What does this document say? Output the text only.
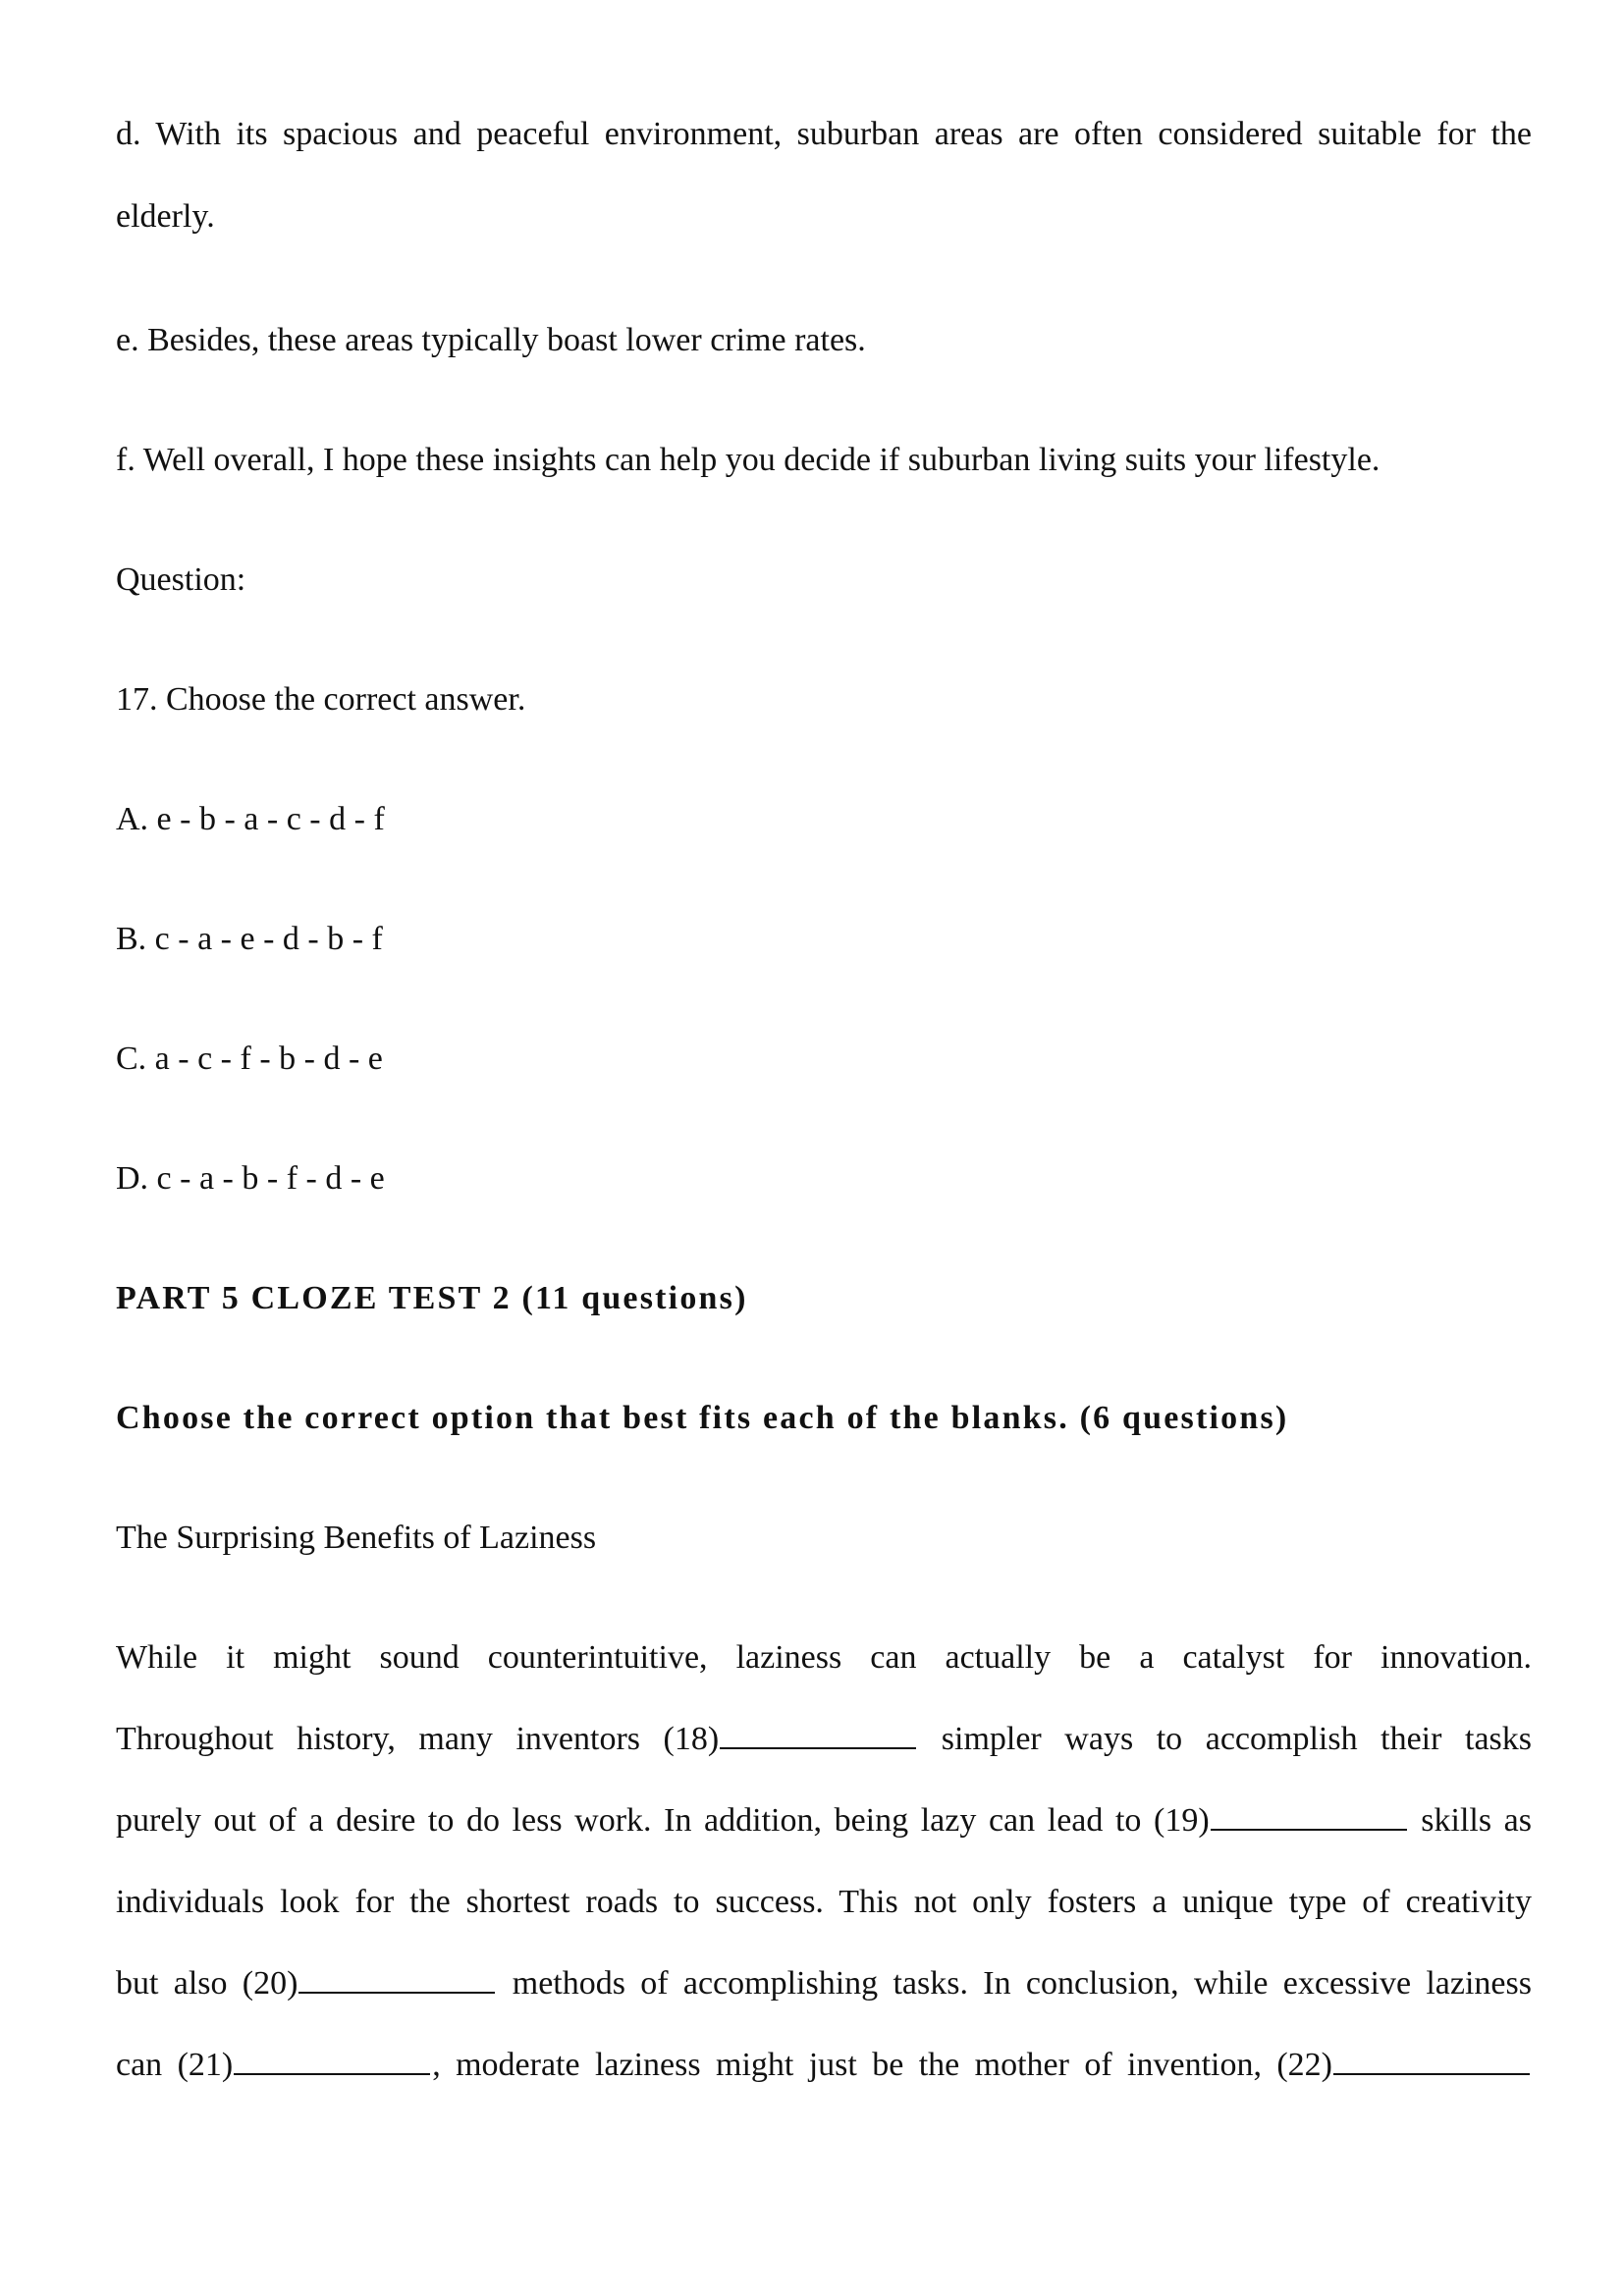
d. With its spacious and peaceful environment, suburban areas are often considered suitable for the
elderly.
e. Besides, these areas typically boast lower crime rates.
f. Well overall, I hope these insights can help you decide if suburban living suits your lifestyle.
Question:
17. Choose the correct answer.
A. e - b - a - c - d - f
B. c - a - e - d - b - f
C. a - c - f - b - d - e
D. c - a - b - f - d - e
PART 5 CLOZE TEST 2 (11 questions)
Choose the correct option that best fits each of the blanks. (6 questions)
The Surprising Benefits of Laziness
While it might sound counterintuitive, laziness can actually be a catalyst for innovation.
Throughout history, many inventors (18)	simpler ways to accomplish their tasks
purely out of a desire to do less work. In addition, being lazy can lead to (19)	skills as
individuals look for the shortest roads to success. This not only fosters a unique type of creativity
but also (20)	methods of accomplishing tasks. In conclusion, while excessive laziness
can (21)	, moderate laziness might just be the mother of invention, (22)
